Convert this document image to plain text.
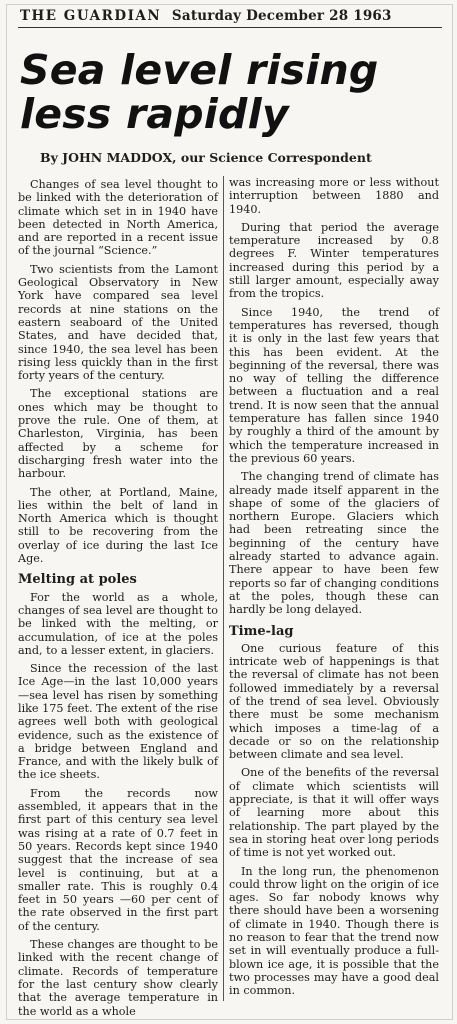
THE GUARDIAN Saturday December 28 1963
Sea level rising
less rapidly
By JOHN MADDOX, our Science Correspondent

Changes of sea level thought to be linked with the deterioration of climate which set in in 1940 have been detected in North America, and are reported in a recent issue of the journal “Science.”

Two scientists from the Lamont Geological Observatory in New York have compared sea level records at nine stations on the eastern seaboard of the United States, and have decided that, since 1940, the sea level has been rising less quickly than in the first forty years of the century.

The exceptional stations are ones which may be thought to prove the rule. One of them, at Charleston, Virginia, has been affected by a scheme for discharging fresh water into the harbour.

The other, at Portland, Maine, lies within the belt of land in North America which is thought still to be recovering from the overlay of ice during the last Ice Age.

Melting at poles

For the world as a whole, changes of sea level are thought to be linked with the melting, or accumulation, of ice at the poles and, to a lesser extent, in glaciers.

Since the recession of the last Ice Age—in the last 10,000 years —sea level has risen by something like 175 feet. The extent of the rise agrees well both with geological evidence, such as the existence of a bridge between England and France, and with the likely bulk of the ice sheets.

From the records now assembled, it appears that in the first part of this century sea level was rising at a rate of 0.7 feet in 50 years. Records kept since 1940 suggest that the increase of sea level is continuing, but at a smaller rate. This is roughly 0.4 feet in 50 years —60 per cent of the rate observed in the first part of the century.

These changes are thought to be linked with the recent change of climate. Records of temperature for the last century show clearly that the average temperature in the world as a whole

was increasing more or less without interruption between 1880 and 1940.

During that period the average temperature increased by 0.8 degrees F. Winter temperatures increased during this period by a still larger amount, especially away from the tropics.

Since 1940, the trend of temperatures has reversed, though it is only in the last few years that this has been evident. At the beginning of the reversal, there was no way of telling the difference between a fluctuation and a real trend. It is now seen that the annual temperature has fallen since 1940 by roughly a third of the amount by which the temperature increased in the previous 60 years.

The changing trend of climate has already made itself apparent in the shape of some of the glaciers of northern Europe. Glaciers which had been retreating since the beginning of the century have already started to advance again. There appear to have been few reports so far of changing conditions at the poles, though these can hardly be long delayed.

Time-lag

One curious feature of this intricate web of happenings is that the reversal of climate has not been followed immediately by a reversal of the trend of sea level. Obviously there must be some mechanism which imposes a time-lag of a decade or so on the relationship between climate and sea level.

One of the benefits of the reversal of climate which scientists will appreciate, is that it will offer ways of learning more about this relationship. The part played by the sea in storing heat over long periods of time is not yet worked out.

In the long run, the phenomenon could throw light on the origin of ice ages. So far nobody knows why there should have been a worsening of climate in 1940. Though there is no reason to fear that the trend now set in will eventually produce a full-blown ice age, it is possible that the two processes may have a good deal in common.
